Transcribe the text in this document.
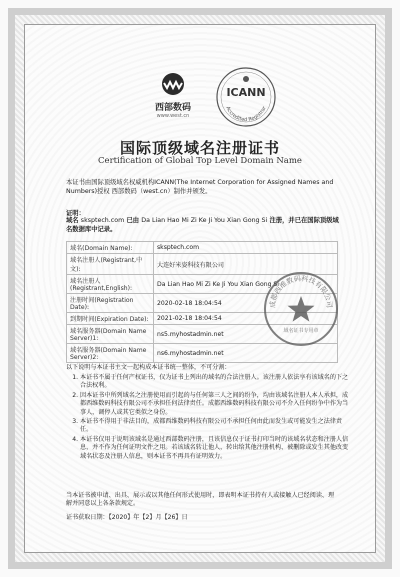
西部数码
www.west.cn
ICANN
Accredited Registrar
国际顶级域名注册证书
Certification of Global Top Level Domain Name
本证书由国际顶级域名权威机构ICANN(The Internet Corporation for Assigned Names and Numbers)授权 西部数码（west.cn）制作并颁发。
证明：
域名 skspteсh.com 已由 Da Lian Hao Mi Zi Ke Ji You Xian Gong Si 注册，并已在国际顶级域名数据库中记录。
域名(Domain Name):	skspteсh.com
域名注册人(Registrant,中文):	大连好米姿科技有限公司
域名注册人(Registrant,English):	Da Lian Hao Mi Zi Ke Ji You Xian Gong Si
注册时间(Registration Date):	2020-02-18 18:04:54
到期时间(Expiration Date):	2021-02-18 18:04:54
域名服务器(Domain Name Server)1:	ns5.myhostadmin.net
域名服务器(Domain Name Server)2:	ns6.myhostadmin.net
成都西维数码科技有限公司
域名证书专用章
以下说明与本证书主文一起构成本证书统一整体，不可分割：
1. 本证书不属于任何产权证书，仅为证书上列出的域名的合法注册人。该注册人依法享有该域名的下之合法权利。
2. 因本证书中所列域名之注册使用而引起的与任何第三人之间的纷争，均由该域名注册人本人承担，成都西维数码科技有限公司不承担任何法律责任。成都西维数码科技有限公司不介入任何纷争中作为当事人，调停人或其它类似之身份。
3. 本证书不得用于非法目的，成都西维数码科技有限公司不承担任何由此而发生或可能发生之法律责任。
4. 本证书仅用于说明该域名是通过西部数码注册，且该信息仅于证书打印当时的该域名状态和注册人信息，并不作为任何证明文件之用。若该域名转让他人，转出给其他注册机构、被删除或发生其他改变域名状态及注册人信息，则本证书不再具有证明效力。
当本证书被申请、出具、展示或以其他任何形式使用时，即表明本证书持有人或接触人已经阅读、理解并同意以上各条款规定。
证书获取日期：【2020】年【2】月【26】日
